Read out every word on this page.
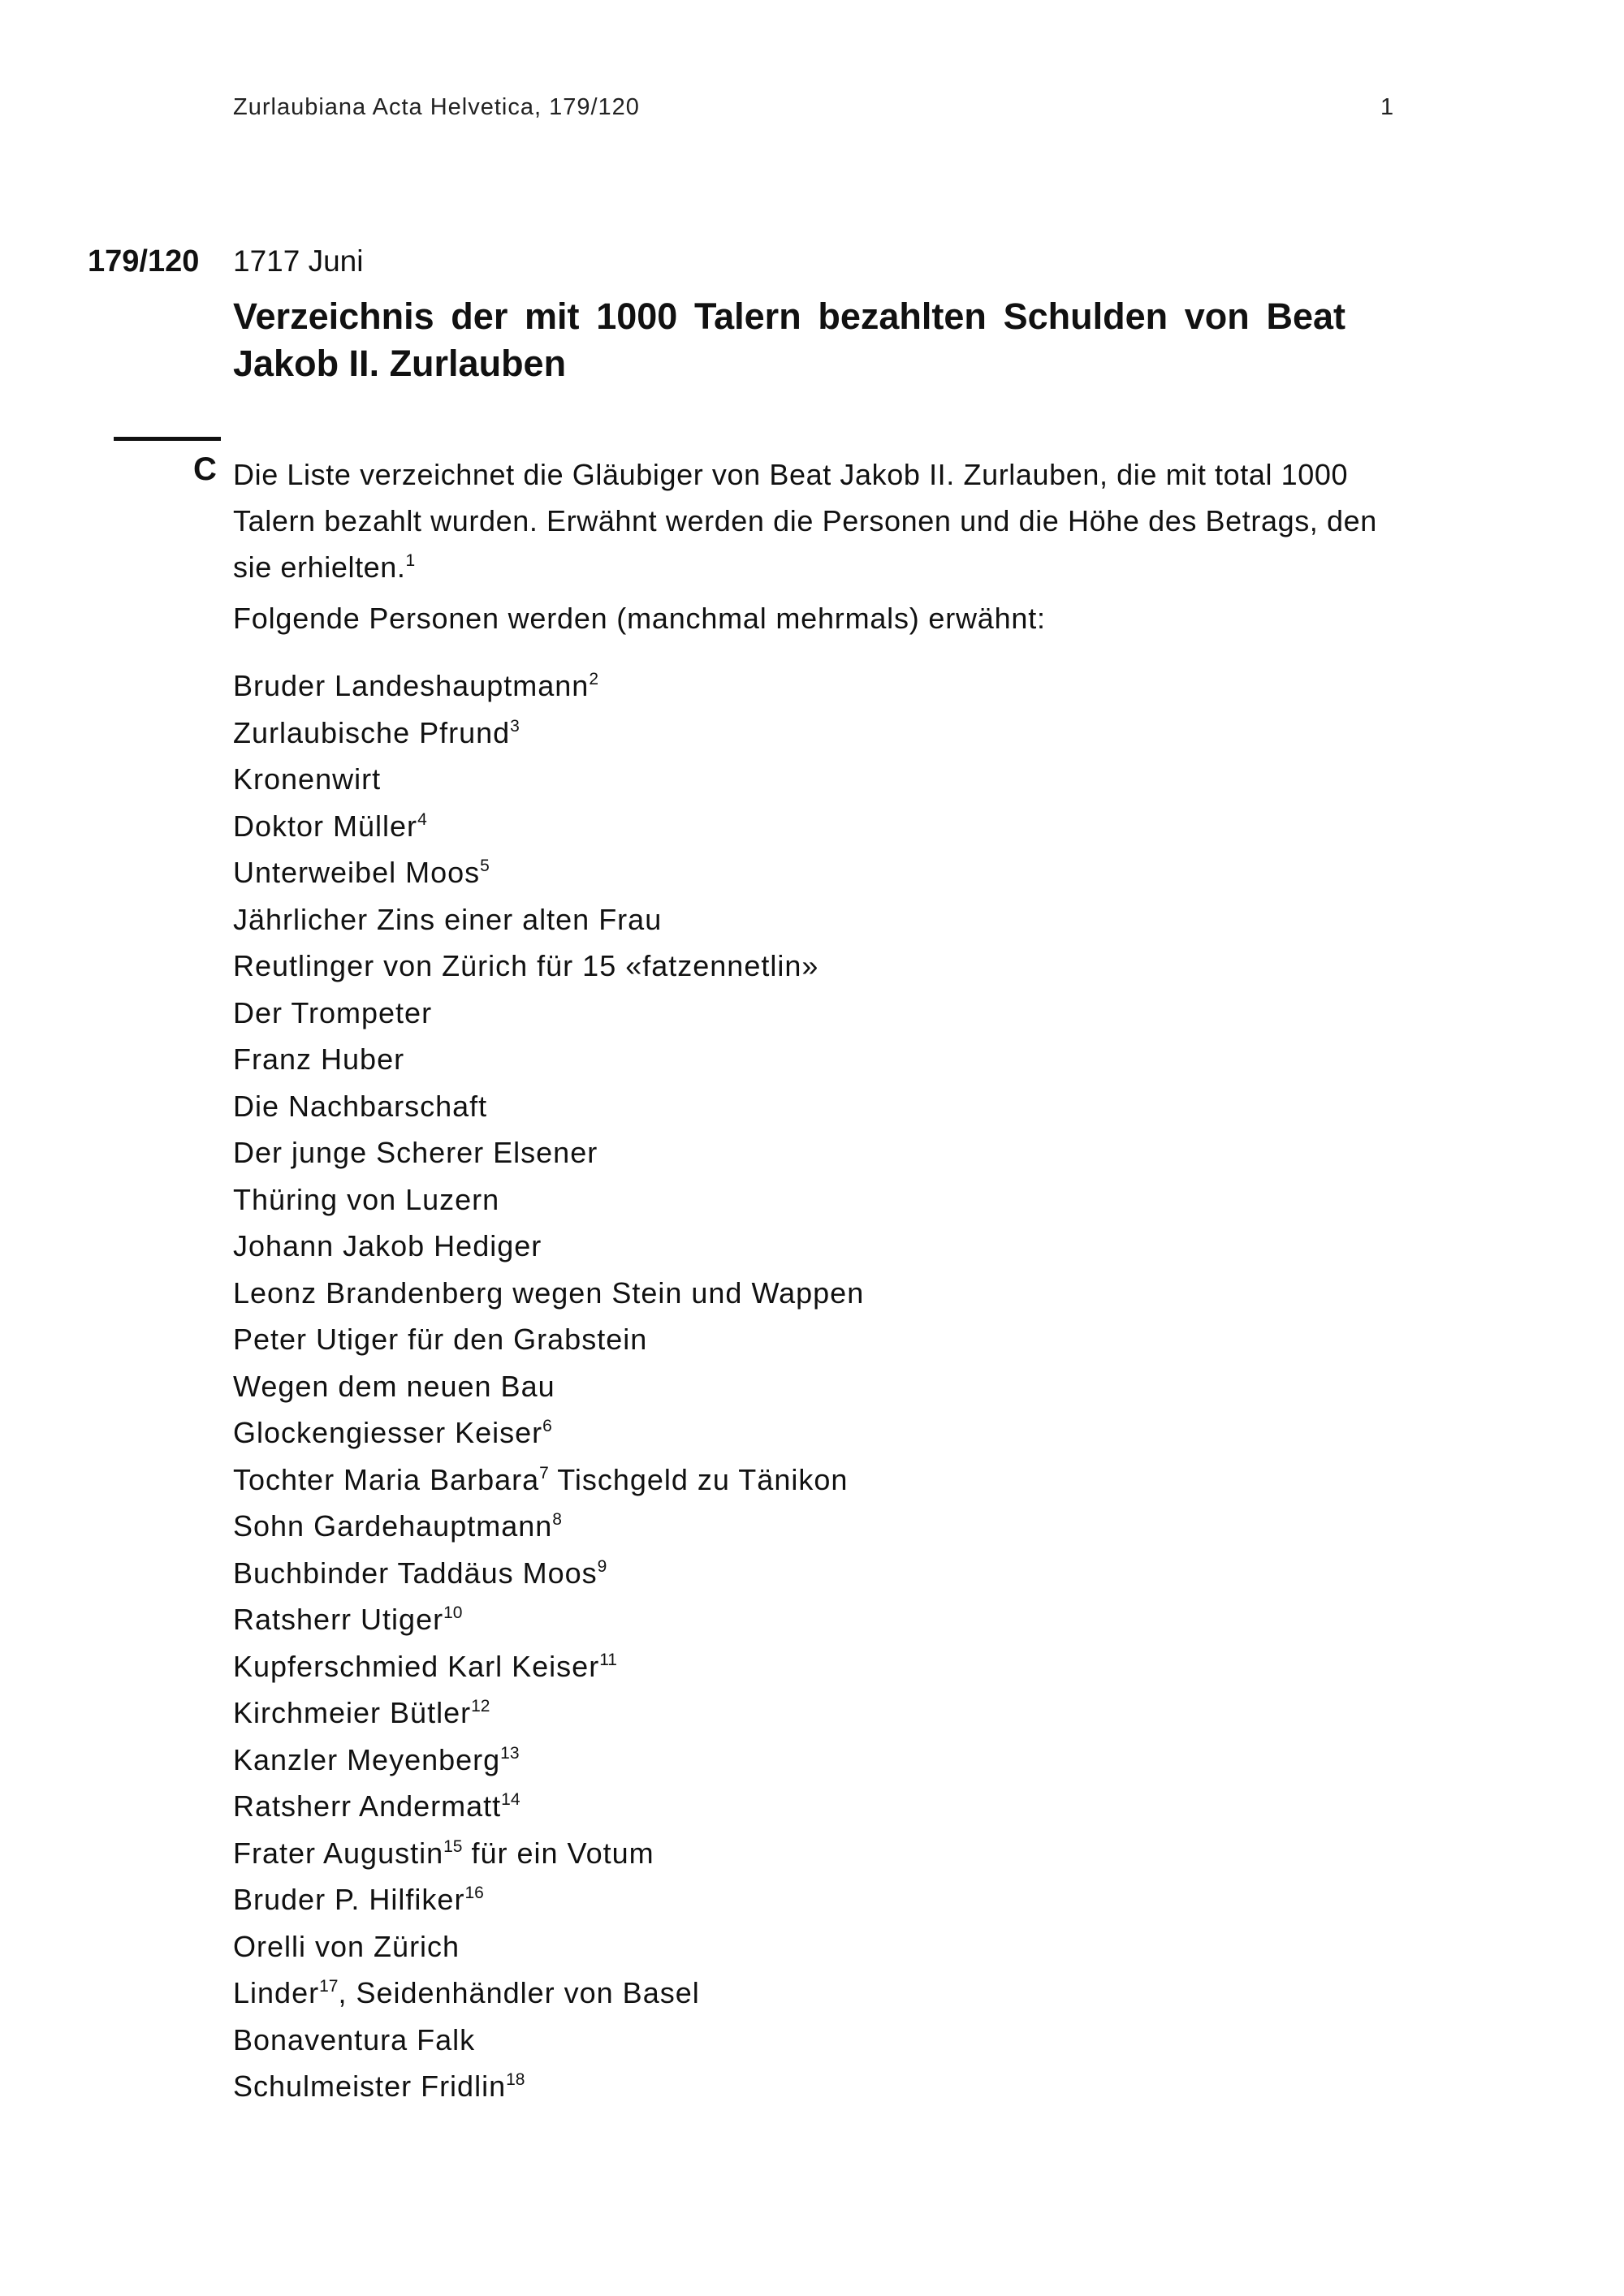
Zurlaubiana Acta Helvetica, 179/120	1
179/120 1717 Juni
Verzeichnis der mit 1000 Talern bezahlten Schulden von Beat Jakob II. Zurlauben
C Die Liste verzeichnet die Gläubiger von Beat Jakob II. Zurlauben, die mit total 1000 Talern bezahlt wurden. Erwähnt werden die Personen und die Höhe des Betrags, den sie erhielten.$^1$

Folgende Personen werden (manchmal mehrmals) erwähnt:
Bruder Landeshauptmann$^2$
Zurlaubische Pfrund$^3$
Kronenwirt
Doktor Müller$^4$
Unterweibel Moos$^5$
Jährlicher Zins einer alten Frau
Reutlinger von Zürich für 15 «fatzennetlin»
Der Trompeter
Franz Huber
Die Nachbarschaft
Der junge Scherer Elsener
Thüring von Luzern
Johann Jakob Hediger
Leonz Brandenberg wegen Stein und Wappen
Peter Utiger für den Grabstein
Wegen dem neuen Bau
Glockengiesser Keiser$^6$
Tochter Maria Barbara$^7$ Tischgeld zu Tänikon
Sohn Gardehauptmann$^8$
Buchbinder Taddäus Moos$^9$
Ratsherr Utiger$^{10}$
Kupferschmied Karl Keiser$^{11}$
Kirchmeier Bütler$^{12}$
Kanzler Meyenberg$^{13}$
Ratsherr Andermatt$^{14}$
Frater Augustin$^{15}$ für ein Votum
Bruder P. Hilfiker$^{16}$
Orelli von Zürich
Linder$^{17}$, Seidenhändler von Basel
Bonaventura Falk
Schulmeister Fridlin$^{18}$
